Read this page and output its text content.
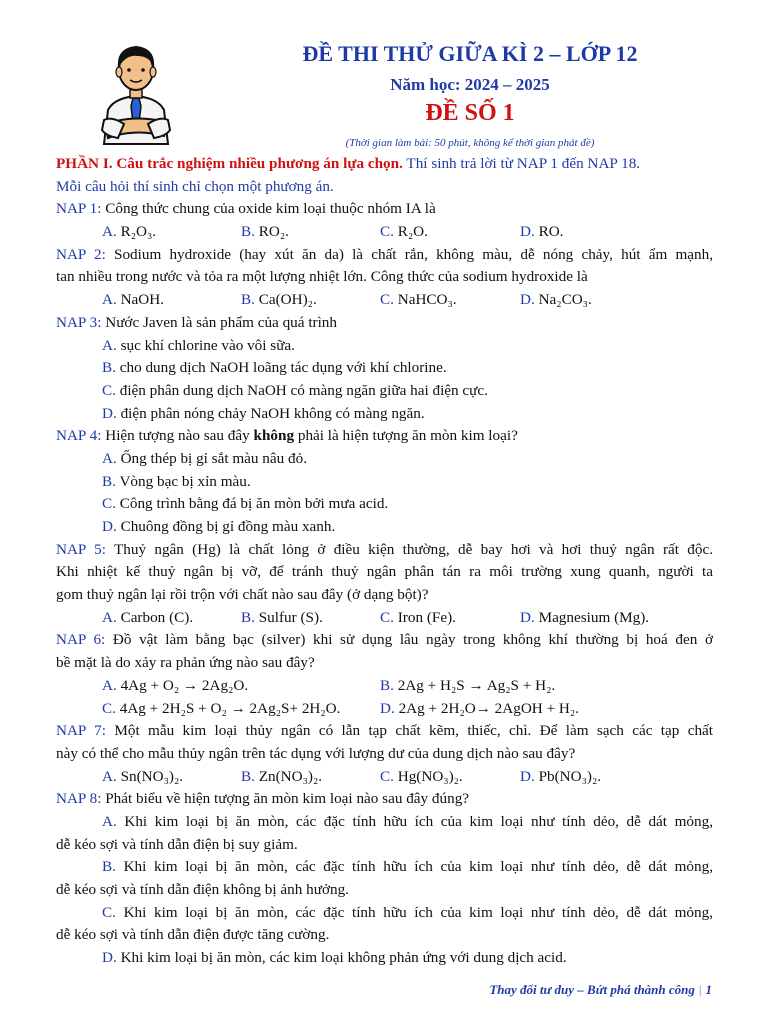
ĐỀ THI THỬ GIỮA KÌ 2 – LỚP 12
Năm học: 2024 – 2025
ĐỀ SỐ 1
(Thời gian làm bài: 50 phút, không kể thời gian phát đề)
PHẦN I. Câu trắc nghiệm nhiều phương án lựa chọn. Thí sinh trả lời từ NAP 1 đến NAP 18.
Mỗi câu hỏi thí sinh chỉ chọn một phương án.
NAP 1: Công thức chung của oxide kim loại thuộc nhóm IA là
A. R₂O₃.	B. RO₂.	C. R₂O.	D. RO.
NAP 2: Sodium hydroxide (hay xút ăn da) là chất rắn, không màu, dễ nóng chảy, hút ẩm mạnh,
tan nhiều trong nước và tỏa ra một lượng nhiệt lớn. Công thức của sodium hydroxide là
A. NaOH.	B. Ca(OH)₂.	C. NaHCO₃.	D. Na₂CO₃.
NAP 3: Nước Javen là sản phẩm của quá trình
A. sục khí chlorine vào vôi sữa.
B. cho dung dịch NaOH loãng tác dụng với khí chlorine.
C. điện phân dung dịch NaOH có màng ngăn giữa hai điện cực.
D. điện phân nóng chảy NaOH không có màng ngăn.
NAP 4: Hiện tượng nào sau đây không phải là hiện tượng ăn mòn kim loại?
A. Ống thép bị gỉ sắt màu nâu đỏ.
B. Vòng bạc bị xỉn màu.
C. Công trình bằng đá bị ăn mòn bởi mưa acid.
D. Chuông đồng bị gỉ đồng màu xanh.
NAP 5: Thuỷ ngân (Hg) là chất lỏng ở điều kiện thường, dễ bay hơi và hơi thuỷ ngân rất độc.
Khi nhiệt kế thuỷ ngân bị vỡ, để tránh thuỷ ngân phân tán ra môi trường xung quanh, người ta
gom thuỷ ngân lại rồi trộn với chất nào sau đây (ở dạng bột)?
A. Carbon (C).	B. Sulfur (S).	C. Iron (Fe).	D. Magnesium (Mg).
NAP 6: Đồ vật làm bằng bạc (silver) khi sử dụng lâu ngày trong không khí thường bị hoá đen ở
bề mặt là do xảy ra phản ứng nào sau đây?
A. 4Ag + O₂ → 2Ag₂O.	B. 2Ag + H₂S → Ag₂S + H₂.
C. 4Ag + 2H₂S + O₂ → 2Ag₂S+ 2H₂O.	D. 2Ag + 2H₂O→ 2AgOH + H₂.
NAP 7: Một mẫu kim loại thủy ngân có lẫn tạp chất kẽm, thiếc, chì. Để làm sạch các tạp chất
này có thể cho mẫu thủy ngân trên tác dụng với lượng dư của dung dịch nào sau đây?
A. Sn(NO₃)₂.	B. Zn(NO₃)₂.	C. Hg(NO₃)₂.	D. Pb(NO₃)₂.
NAP 8: Phát biểu về hiện tượng ăn mòn kim loại nào sau đây đúng?
A. Khi kim loại bị ăn mòn, các đặc tính hữu ích của kim loại như tính dẻo, dễ dát mỏng,
dễ kéo sợi và tính dẫn điện bị suy giảm.
B. Khi kim loại bị ăn mòn, các đặc tính hữu ích của kim loại như tính dẻo, dễ dát mỏng,
dễ kéo sợi và tính dẫn điện không bị ảnh hưởng.
C. Khi kim loại bị ăn mòn, các đặc tính hữu ích của kim loại như tính dẻo, dễ dát mỏng,
dễ kéo sợi và tính dẫn điện được tăng cường.
D. Khi kim loại bị ăn mòn, các kim loại không phản ứng với dung dịch acid.
Thay đổi tư duy – Bứt phá thành công | 1
